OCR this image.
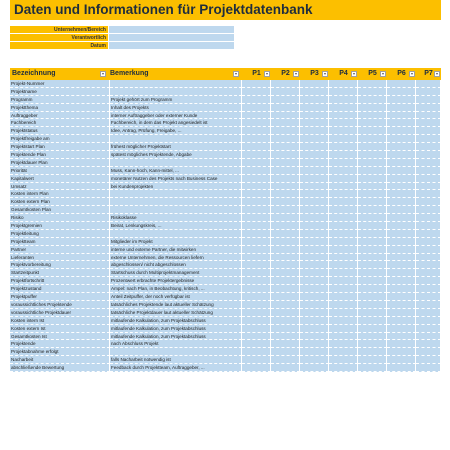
Daten und Informationen für Projektdatenbank
Unternehmen/Bereich
Verantwortlich
Datum
Bezeichnung	Bemerkung	P1	P2	P3	P4	P5	P6	P7
Projekt-Nummer
Projektname
Programm	Projekt gehört zum Programm
Projektthema	Inhalt des Projekts
Auftraggeber	interner Auftraggeber oder externer Kunde
Fachbereich	Fachbereich, in dem das Projekt angesiedelt ist
Projektstatus	Idee, Antrag, Prüfung, Freigabe, ...
Projektfreigabe am
Projektstart Plan	frühest möglicher Projektstart
Projektende Plan	spätest mögliches Projektende, Abgabe
Projektdauer Plan
Priorität	Muss, Kann-hoch, Kann-mittel, ...
Kapitalwert	monetärer Nutzen des Projekts nach Business Case
Umsatz	bei Kundenprojekten
Kosten intern Plan
Kosten extern Plan
Gesamtkosten Plan
Risiko	Risikoklasse
Projektgremien	Beirat, Lenkungskreis, ...
Projektleitung
Projektteam	Mitglieder im Projekt
Partner	interne und externe Partner, die mitwirken
Lieferanten	externe Unternehmen, die Ressourcen liefern
Projektvorbereitung	abgeschlossen/ nicht abgeschlossen
Startzeitpunkt	Startschuss durch Multiprojektmanagement
Projektfortschritt	Prozentwert erbrachte Projektergebnisse
Projektzustand	Ampel: nach Plan, in Beobachtung, kritisch, ...
Projektpuffer	Anteil Zeitpuffer, der noch verfügbar ist
voraussichtliches Projektende	tatsächliches Projektende laut aktueller Schätzung
voraussichtliche Projektdauer	tatsächliche Projektdauer laut aktueller Schätzung
Kosten intern Ist	mitlaufende Kalkulation, zum Projektabschluss
Kosten extern Ist	mitlaufende Kalkulation, zum Projektabschluss
Gesamtkosten Ist	mitlaufende Kalkulation, zum Projektabschluss
Projektende	nach Abschluss Projekt
Projektabnahme erfolgt
Nacharbeit	falls Nacharbeit notwendig ist
abschließende Bewertung	Feedback durch Projektteam, Auftraggeber, ...
